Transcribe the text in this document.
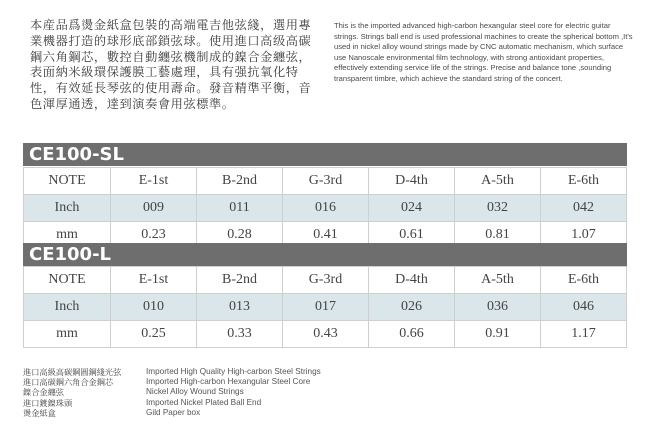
本産品爲燙金紙盒包裝的高端電吉他弦綫，選用專業機器打造的球形底部鎖弦球。使用進口高级高碳鋼六角鋼芯，數控自動纏弦機制成的鎳合金纏弦，表面納米級環保護膜工藝處理，具有强抗氧化特性，有效延長琴弦的使用壽命。發音精準平衡，音色渾厚通透，達到演奏會用弦標準。

This is the imported advanced high-carbon hexangular steel core for electric guitar strings. Strings ball end is used professional machines to create the spherical bottom ,It's used in nickel alloy wound strings made by CNC automatic mechanism, which surface use Nanoscale environmental film technology, with strong antioxidant properties, effectively extending service life of the strings. Precise and balance tone ,sounding transparent timbre, which achieve the standard string of the concert.

CE100-SL
NOTE	E-1st	B-2nd	G-3rd	D-4th	A-5th	E-6th
Inch	009	011	016	024	032	042
mm	0.23	0.28	0.41	0.61	0.81	1.07
CE100-L
NOTE	E-1st	B-2nd	G-3rd	D-4th	A-5th	E-6th
Inch	010	013	017	026	036	046
mm	0.25	0.33	0.43	0.66	0.91	1.17
進口高級高碳鋼圓鋼綫光弦	Imported High Quality High-carbon Steel Strings
進口高碳鋼六角合金鋼芯	Imported High-carbon Hexangular Steel Core
鎳合金纏弦	Nickel Alloy Wound Strings
進口鍍鎳珠頭	Imported Nickel Plated Ball End
燙金紙盒	Gild Paper box
